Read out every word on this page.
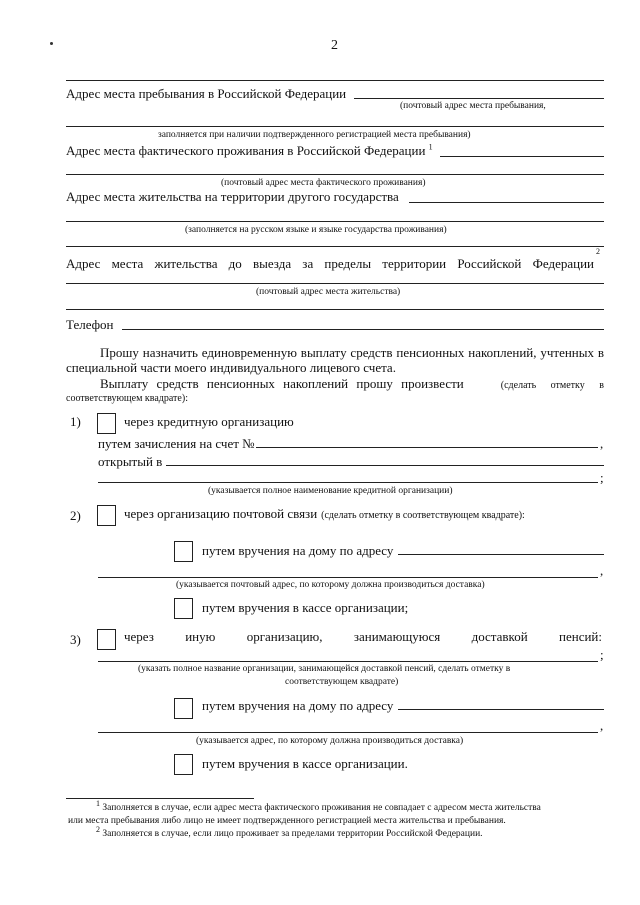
2
Адрес места пребывания в Российской Федерации
(почтовый адрес места пребывания,
заполняется при наличии подтвержденного регистрацией места пребывания)
Адрес места фактического проживания в Российской Федерации $^1$
(почтовый адрес места фактического проживания)
Адрес места жительства на территории другого государства
(заполняется на русском языке и языке государства проживания)
Адрес места жительства до выезда за пределы территории Российской Федерации
2
(почтовый адрес места жительства)
Телефон
Прошу назначить единовременную выплату средств пенсионных накоплений, учтенных в
специальной части моего индивидуального лицевого счета.
Выплату средств пенсионных накоплений прошу произвести	(сделать отметку в
соответствующем квадрате):
1)	через кредитную организацию
путем зачисления на счет №	,
открытый в
;
(указывается полное наименование кредитной организации)
2)	через организацию почтовой связи (сделать отметку в соответствующем квадрате):
путем вручения на дому по адресу
,
(указывается почтовый адрес, по которому должна производиться доставка)
путем вручения в кассе организации;
3)	через иную организацию, занимающуюся доставкой пенсий:
;
(указать полное название организации, занимающейся доставкой пенсий, сделать отметку в
соответствующем квадрате)
путем вручения на дому по адресу
,
(указывается адрес, по которому должна производиться доставка)
путем вручения в кассе организации.
$^1$ Заполняется в случае, если адрес места фактического проживания не совпадает с адресом места жительства
или места пребывания либо лицо не имеет подтвержденного регистрацией места жительства и пребывания.
$^2$ Заполняется в случае, если лицо проживает за пределами территории Российской Федерации.
